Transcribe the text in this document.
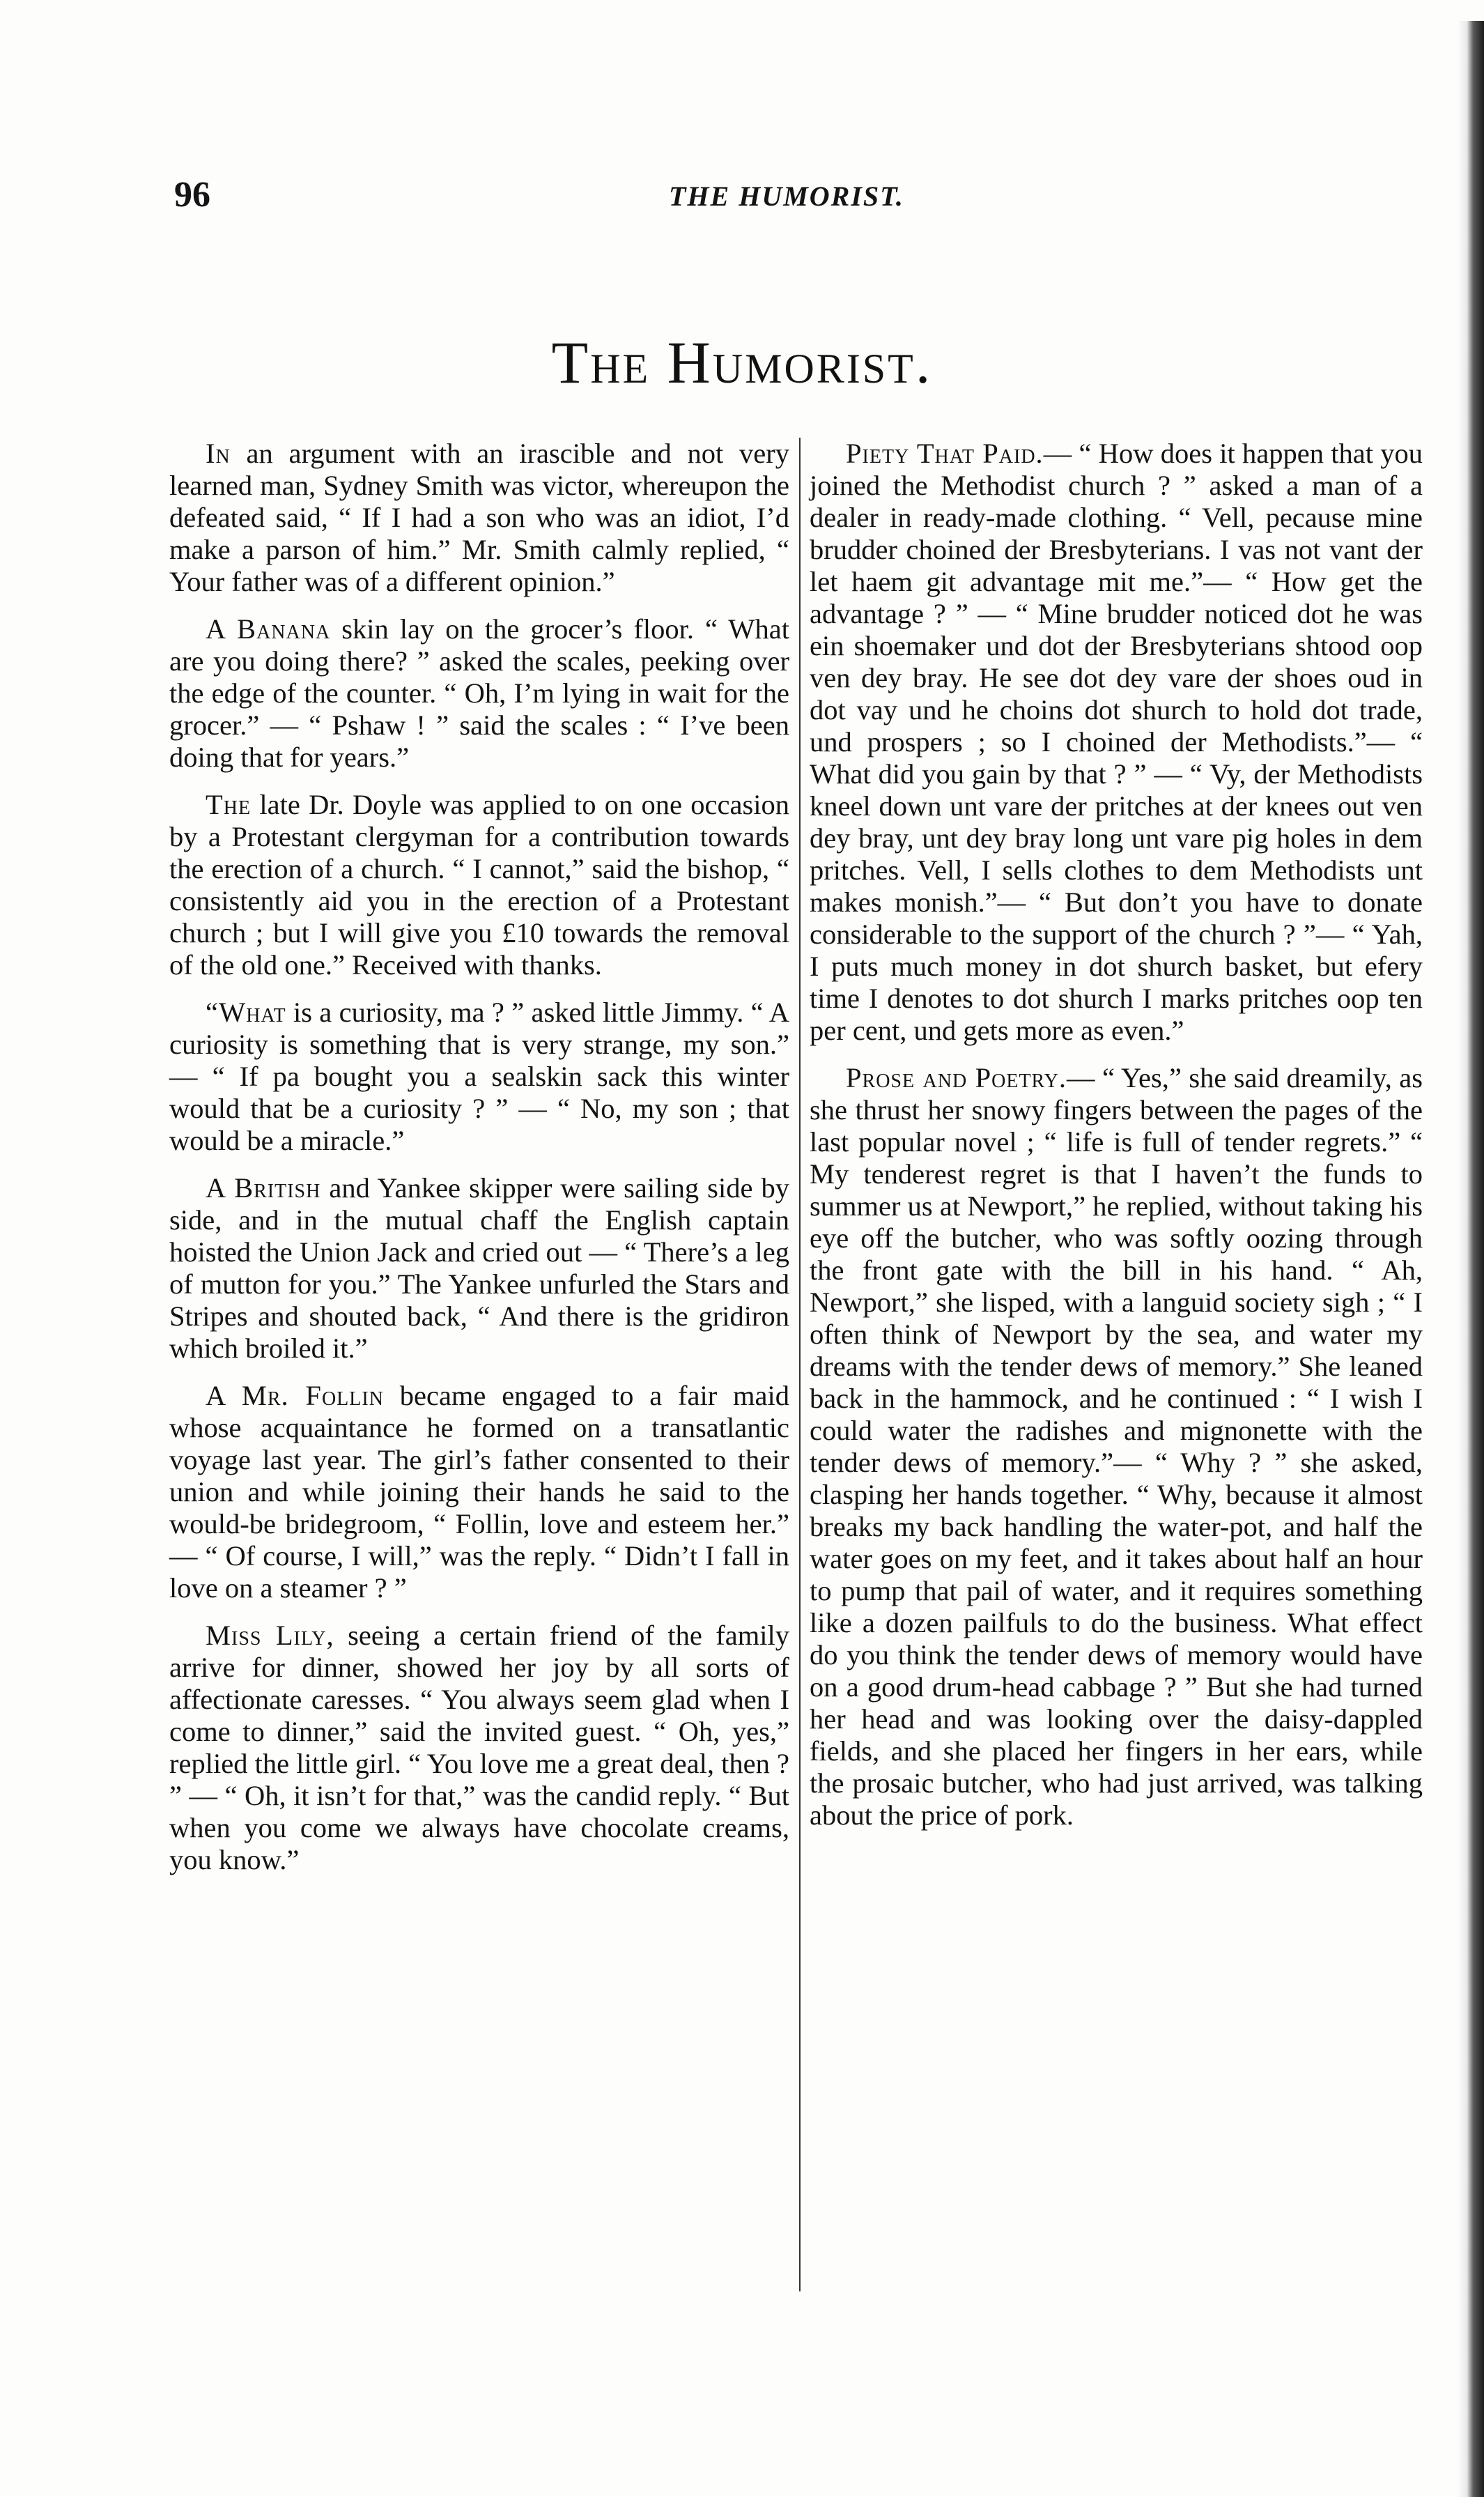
96	THE HUMORIST.
The Humorist.

In an argument with an irascible and not very learned man, Sydney Smith was victor, whereupon the defeated said, “ If I had a son who was an idiot, I’d make a parson of him.” Mr. Smith calmly replied, “ Your father was of a different opinion.”

A Banana skin lay on the grocer’s floor. “ What are you doing there? ” asked the scales, peeking over the edge of the counter. “ Oh, I’m lying in wait for the grocer.” — “ Pshaw ! ” said the scales : “ I’ve been doing that for years.”

The late Dr. Doyle was applied to on one occasion by a Protestant clergyman for a contribution towards the erection of a church. “ I cannot,” said the bishop, “ consistently aid you in the erection of a Protestant church ; but I will give you £10 towards the removal of the old one.” Received with thanks.

“What is a curiosity, ma ? ” asked little Jimmy. “ A curiosity is something that is very strange, my son.” — “ If pa bought you a sealskin sack this winter would that be a curiosity ? ” — “ No, my son ; that would be a miracle.”

A British and Yankee skipper were sailing side by side, and in the mutual chaff the English captain hoisted the Union Jack and cried out — “ There’s a leg of mutton for you.” The Yankee unfurled the Stars and Stripes and shouted back, “ And there is the gridiron which broiled it.”

A Mr. Follin became engaged to a fair maid whose acquaintance he formed on a transatlantic voyage last year. The girl’s father consented to their union and while joining their hands he said to the would-be bridegroom, “ Follin, love and esteem her.” — “ Of course, I will,” was the reply. “ Didn’t I fall in love on a steamer ? ”

Miss Lily, seeing a certain friend of the family arrive for dinner, showed her joy by all sorts of affectionate caresses. “ You always seem glad when I come to dinner,” said the invited guest. “ Oh, yes,” replied the little girl. “ You love me a great deal, then ? ” — “ Oh, it isn’t for that,” was the candid reply. “ But when you come we always have chocolate creams, you know.”

Piety That Paid.— “ How does it happen that you joined the Methodist church ? ” asked a man of a dealer in ready-made clothing. “ Vell, pecause mine brudder choined der Bresbyterians. I vas not vant der let haem git advantage mit me.”— “ How get the advantage ? ” — “ Mine brudder noticed dot he was ein shoemaker und dot der Bresbyterians shtood oop ven dey bray. He see dot dey vare der shoes oud in dot vay und he choins dot shurch to hold dot trade, und prospers ; so I choined der Methodists.”— “ What did you gain by that ? ” — “ Vy, der Methodists kneel down unt vare der pritches at der knees out ven dey bray, unt dey bray long unt vare pig holes in dem pritches. Vell, I sells clothes to dem Methodists unt makes monish.”— “ But don’t you have to donate considerable to the support of the church ? ”— “ Yah, I puts much money in dot shurch basket, but efery time I denotes to dot shurch I marks pritches oop ten per cent, und gets more as even.”

Prose and Poetry.— “ Yes,” she said dreamily, as she thrust her snowy fingers between the pages of the last popular novel ; “ life is full of tender regrets.” “ My tenderest regret is that I haven’t the funds to summer us at Newport,” he replied, without taking his eye off the butcher, who was softly oozing through the front gate with the bill in his hand. “ Ah, Newport,” she lisped, with a languid society sigh ; “ I often think of Newport by the sea, and water my dreams with the tender dews of memory.” She leaned back in the hammock, and he continued : “ I wish I could water the radishes and mignonette with the tender dews of memory.”— “ Why ? ” she asked, clasping her hands together. “ Why, because it almost breaks my back handling the water-pot, and half the water goes on my feet, and it takes about half an hour to pump that pail of water, and it requires something like a dozen pailfuls to do the business. What effect do you think the tender dews of memory would have on a good drum-head cabbage ? ” But she had turned her head and was looking over the daisy-dappled fields, and she placed her fingers in her ears, while the prosaic butcher, who had just arrived, was talking about the price of pork.
